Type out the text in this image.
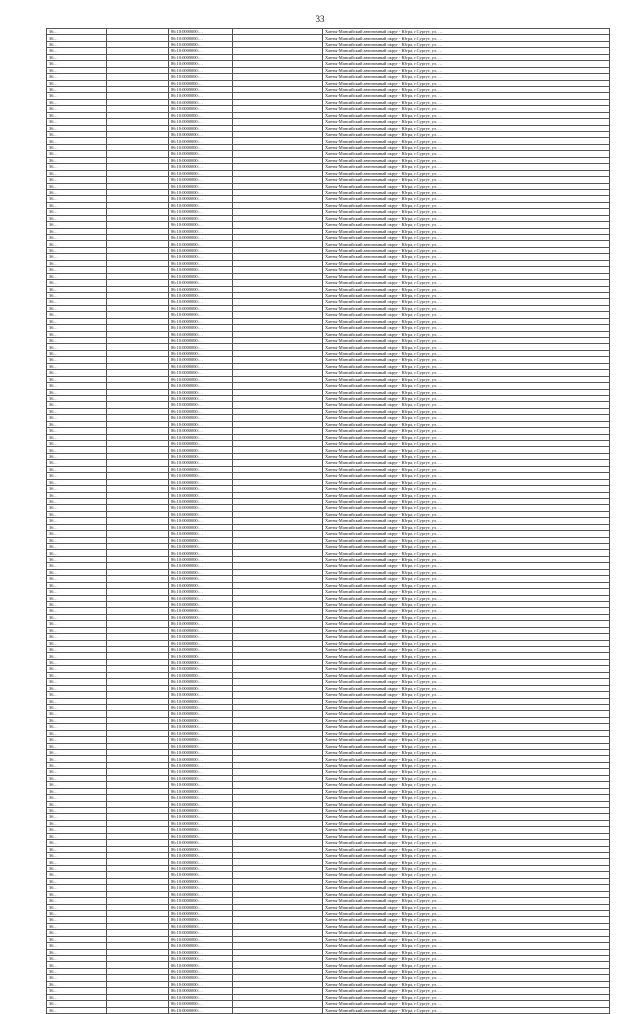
33
36…		86:10:0000000:…		Ханты-Мансийский автономный округ - Югра, г.Сургут, ул. …
36…		86:10:0000000:…		Ханты-Мансийский автономный округ - Югра, г.Сургут, ул. …
36…		86:10:0000000:…		Ханты-Мансийский автономный округ - Югра, г.Сургут, ул. …
36…		86:10:0000000:…		Ханты-Мансийский автономный округ - Югра, г.Сургут, ул. …
36…		86:10:0000000:…		Ханты-Мансийский автономный округ - Югра, г.Сургут, ул. …
36…		86:10:0000000:…		Ханты-Мансийский автономный округ - Югра, г.Сургут, ул. …
36…		86:10:0000000:…		Ханты-Мансийский автономный округ - Югра, г.Сургут, ул. …
36…		86:10:0000000:…		Ханты-Мансийский автономный округ - Югра, г.Сургут, ул. …
36…		86:10:0000000:…		Ханты-Мансийский автономный округ - Югра, г.Сургут, ул. …
36…		86:10:0000000:…		Ханты-Мансийский автономный округ - Югра, г.Сургут, ул. …
36…		86:10:0000000:…		Ханты-Мансийский автономный округ - Югра, г.Сургут, ул. …
36…		86:10:0000000:…		Ханты-Мансийский автономный округ - Югра, г.Сургут, ул. …
36…		86:10:0000000:…		Ханты-Мансийский автономный округ - Югра, г.Сургут, ул. …
36…		86:10:0000000:…		Ханты-Мансийский автономный округ - Югра, г.Сургут, ул. …
36…		86:10:0000000:…		Ханты-Мансийский автономный округ - Югра, г.Сургут, ул. …
36…		86:10:0000000:…		Ханты-Мансийский автономный округ - Югра, г.Сургут, ул. …
36…		86:10:0000000:…		Ханты-Мансийский автономный округ - Югра, г.Сургут, ул. …
36…		86:10:0000000:…		Ханты-Мансийский автономный округ - Югра, г.Сургут, ул. …
36…		86:10:0000000:…		Ханты-Мансийский автономный округ - Югра, г.Сургут, ул. …
36…		86:10:0000000:…		Ханты-Мансийский автономный округ - Югра, г.Сургут, ул. …
36…		86:10:0000000:…		Ханты-Мансийский автономный округ - Югра, г.Сургут, ул. …
36…		86:10:0000000:…		Ханты-Мансийский автономный округ - Югра, г.Сургут, ул. …
36…		86:10:0000000:…		Ханты-Мансийский автономный округ - Югра, г.Сургут, ул. …
36…		86:10:0000000:…		Ханты-Мансийский автономный округ - Югра, г.Сургут, ул. …
36…		86:10:0000000:…		Ханты-Мансийский автономный округ - Югра, г.Сургут, ул. …
36…		86:10:0000000:…		Ханты-Мансийский автономный округ - Югра, г.Сургут, ул. …
36…		86:10:0000000:…		Ханты-Мансийский автономный округ - Югра, г.Сургут, ул. …
36…		86:10:0000000:…		Ханты-Мансийский автономный округ - Югра, г.Сургут, ул. …
36…		86:10:0000000:…		Ханты-Мансийский автономный округ - Югра, г.Сургут, ул. …
36…		86:10:0000000:…		Ханты-Мансийский автономный округ - Югра, г.Сургут, ул. …
36…		86:10:0000000:…		Ханты-Мансийский автономный округ - Югра, г.Сургут, ул. …
36…		86:10:0000000:…		Ханты-Мансийский автономный округ - Югра, г.Сургут, ул. …
36…		86:10:0000000:…		Ханты-Мансийский автономный округ - Югра, г.Сургут, ул. …
36…		86:10:0000000:…		Ханты-Мансийский автономный округ - Югра, г.Сургут, ул. …
36…		86:10:0000000:…		Ханты-Мансийский автономный округ - Югра, г.Сургут, ул. …
36…		86:10:0000000:…		Ханты-Мансийский автономный округ - Югра, г.Сургут, ул. …
36…		86:10:0000000:…		Ханты-Мансийский автономный округ - Югра, г.Сургут, ул. …
36…		86:10:0000000:…		Ханты-Мансийский автономный округ - Югра, г.Сургут, ул. …
36…		86:10:0000000:…		Ханты-Мансийский автономный округ - Югра, г.Сургут, ул. …
36…		86:10:0000000:…		Ханты-Мансийский автономный округ - Югра, г.Сургут, ул. …
36…		86:10:0000000:…		Ханты-Мансийский автономный округ - Югра, г.Сургут, ул. …
36…		86:10:0000000:…		Ханты-Мансийский автономный округ - Югра, г.Сургут, ул. …
36…		86:10:0000000:…		Ханты-Мансийский автономный округ - Югра, г.Сургут, ул. …
36…		86:10:0000000:…		Ханты-Мансийский автономный округ - Югра, г.Сургут, ул. …
36…		86:10:0000000:…		Ханты-Мансийский автономный округ - Югра, г.Сургут, ул. …
36…		86:10:0000000:…		Ханты-Мансийский автономный округ - Югра, г.Сургут, ул. …
36…		86:10:0000000:…		Ханты-Мансийский автономный округ - Югра, г.Сургут, ул. …
36…		86:10:0000000:…		Ханты-Мансийский автономный округ - Югра, г.Сургут, ул. …
36…		86:10:0000000:…		Ханты-Мансийский автономный округ - Югра, г.Сургут, ул. …
36…		86:10:0000000:…		Ханты-Мансийский автономный округ - Югра, г.Сургут, ул. …
36…		86:10:0000000:…		Ханты-Мансийский автономный округ - Югра, г.Сургут, ул. …
36…		86:10:0000000:…		Ханты-Мансийский автономный округ - Югра, г.Сургут, ул. …
36…		86:10:0000000:…		Ханты-Мансийский автономный округ - Югра, г.Сургут, ул. …
36…		86:10:0000000:…		Ханты-Мансийский автономный округ - Югра, г.Сургут, ул. …
36…		86:10:0000000:…		Ханты-Мансийский автономный округ - Югра, г.Сургут, ул. …
36…		86:10:0000000:…		Ханты-Мансийский автономный округ - Югра, г.Сургут, ул. …
36…		86:10:0000000:…		Ханты-Мансийский автономный округ - Югра, г.Сургут, ул. …
36…		86:10:0000000:…		Ханты-Мансийский автономный округ - Югра, г.Сургут, ул. …
36…		86:10:0000000:…		Ханты-Мансийский автономный округ - Югра, г.Сургут, ул. …
36…		86:10:0000000:…		Ханты-Мансийский автономный округ - Югра, г.Сургут, ул. …
36…		86:10:0000000:…		Ханты-Мансийский автономный округ - Югра, г.Сургут, ул. …
36…		86:10:0000000:…		Ханты-Мансийский автономный округ - Югра, г.Сургут, ул. …
36…		86:10:0000000:…		Ханты-Мансийский автономный округ - Югра, г.Сургут, ул. …
36…		86:10:0000000:…		Ханты-Мансийский автономный округ - Югра, г.Сургут, ул. …
36…		86:10:0000000:…		Ханты-Мансийский автономный округ - Югра, г.Сургут, ул. …
36…		86:10:0000000:…		Ханты-Мансийский автономный округ - Югра, г.Сургут, ул. …
36…		86:10:0000000:…		Ханты-Мансийский автономный округ - Югра, г.Сургут, ул. …
36…		86:10:0000000:…		Ханты-Мансийский автономный округ - Югра, г.Сургут, ул. …
36…		86:10:0000000:…		Ханты-Мансийский автономный округ - Югра, г.Сургут, ул. …
36…		86:10:0000000:…		Ханты-Мансийский автономный округ - Югра, г.Сургут, ул. …
36…		86:10:0000000:…		Ханты-Мансийский автономный округ - Югра, г.Сургут, ул. …
36…		86:10:0000000:…		Ханты-Мансийский автономный округ - Югра, г.Сургут, ул. …
36…		86:10:0000000:…		Ханты-Мансийский автономный округ - Югра, г.Сургут, ул. …
36…		86:10:0000000:…		Ханты-Мансийский автономный округ - Югра, г.Сургут, ул. …
36…		86:10:0000000:…		Ханты-Мансийский автономный округ - Югра, г.Сургут, ул. …
36…		86:10:0000000:…		Ханты-Мансийский автономный округ - Югра, г.Сургут, ул. …
36…		86:10:0000000:…		Ханты-Мансийский автономный округ - Югра, г.Сургут, ул. …
36…		86:10:0000000:…		Ханты-Мансийский автономный округ - Югра, г.Сургут, ул. …
36…		86:10:0000000:…		Ханты-Мансийский автономный округ - Югра, г.Сургут, ул. …
36…		86:10:0000000:…		Ханты-Мансийский автономный округ - Югра, г.Сургут, ул. …
36…		86:10:0000000:…		Ханты-Мансийский автономный округ - Югра, г.Сургут, ул. …
36…		86:10:0000000:…		Ханты-Мансийский автономный округ - Югра, г.Сургут, ул. …
36…		86:10:0000000:…		Ханты-Мансийский автономный округ - Югра, г.Сургут, ул. …
36…		86:10:0000000:…		Ханты-Мансийский автономный округ - Югра, г.Сургут, ул. …
36…		86:10:0000000:…		Ханты-Мансийский автономный округ - Югра, г.Сургут, ул. …
36…		86:10:0000000:…		Ханты-Мансийский автономный округ - Югра, г.Сургут, ул. …
36…		86:10:0000000:…		Ханты-Мансийский автономный округ - Югра, г.Сургут, ул. …
36…		86:10:0000000:…		Ханты-Мансийский автономный округ - Югра, г.Сургут, ул. …
36…		86:10:0000000:…		Ханты-Мансийский автономный округ - Югра, г.Сургут, ул. …
36…		86:10:0000000:…		Ханты-Мансийский автономный округ - Югра, г.Сургут, ул. …
36…		86:10:0000000:…		Ханты-Мансийский автономный округ - Югра, г.Сургут, ул. …
36…		86:10:0000000:…		Ханты-Мансийский автономный округ - Югра, г.Сургут, ул. …
36…		86:10:0000000:…		Ханты-Мансийский автономный округ - Югра, г.Сургут, ул. …
36…		86:10:0000000:…		Ханты-Мансийский автономный округ - Югра, г.Сургут, ул. …
36…		86:10:0000000:…		Ханты-Мансийский автономный округ - Югра, г.Сургут, ул. …
36…		86:10:0000000:…		Ханты-Мансийский автономный округ - Югра, г.Сургут, ул. …
36…		86:10:0000000:…		Ханты-Мансийский автономный округ - Югра, г.Сургут, ул. …
36…		86:10:0000000:…		Ханты-Мансийский автономный округ - Югра, г.Сургут, ул. …
36…		86:10:0000000:…		Ханты-Мансийский автономный округ - Югра, г.Сургут, ул. …
36…		86:10:0000000:…		Ханты-Мансийский автономный округ - Югра, г.Сургут, ул. …
36…		86:10:0000000:…		Ханты-Мансийский автономный округ - Югра, г.Сургут, ул. …
36…		86:10:0000000:…		Ханты-Мансийский автономный округ - Югра, г.Сургут, ул. …
36…		86:10:0000000:…		Ханты-Мансийский автономный округ - Югра, г.Сургут, ул. …
36…		86:10:0000000:…		Ханты-Мансийский автономный округ - Югра, г.Сургут, ул. …
36…		86:10:0000000:…		Ханты-Мансийский автономный округ - Югра, г.Сургут, ул. …
36…		86:10:0000000:…		Ханты-Мансийский автономный округ - Югра, г.Сургут, ул. …
36…		86:10:0000000:…		Ханты-Мансийский автономный округ - Югра, г.Сургут, ул. …
36…		86:10:0000000:…		Ханты-Мансийский автономный округ - Югра, г.Сургут, ул. …
36…		86:10:0000000:…		Ханты-Мансийский автономный округ - Югра, г.Сургут, ул. …
36…		86:10:0000000:…		Ханты-Мансийский автономный округ - Югра, г.Сургут, ул. …
36…		86:10:0000000:…		Ханты-Мансийский автономный округ - Югра, г.Сургут, ул. …
36…		86:10:0000000:…		Ханты-Мансийский автономный округ - Югра, г.Сургут, ул. …
36…		86:10:0000000:…		Ханты-Мансийский автономный округ - Югра, г.Сургут, ул. …
36…		86:10:0000000:…		Ханты-Мансийский автономный округ - Югра, г.Сургут, ул. …
36…		86:10:0000000:…		Ханты-Мансийский автономный округ - Югра, г.Сургут, ул. …
36…		86:10:0000000:…		Ханты-Мансийский автономный округ - Югра, г.Сургут, ул. …
36…		86:10:0000000:…		Ханты-Мансийский автономный округ - Югра, г.Сургут, ул. …
36…		86:10:0000000:…		Ханты-Мансийский автономный округ - Югра, г.Сургут, ул. …
36…		86:10:0000000:…		Ханты-Мансийский автономный округ - Югра, г.Сургут, ул. …
36…		86:10:0000000:…		Ханты-Мансийский автономный округ - Югра, г.Сургут, ул. …
36…		86:10:0000000:…		Ханты-Мансийский автономный округ - Югра, г.Сургут, ул. …
36…		86:10:0000000:…		Ханты-Мансийский автономный округ - Югра, г.Сургут, ул. …
36…		86:10:0000000:…		Ханты-Мансийский автономный округ - Югра, г.Сургут, ул. …
36…		86:10:0000000:…		Ханты-Мансийский автономный округ - Югра, г.Сургут, ул. …
36…		86:10:0000000:…		Ханты-Мансийский автономный округ - Югра, г.Сургут, ул. …
36…		86:10:0000000:…		Ханты-Мансийский автономный округ - Югра, г.Сургут, ул. …
36…		86:10:0000000:…		Ханты-Мансийский автономный округ - Югра, г.Сургут, ул. …
36…		86:10:0000000:…		Ханты-Мансийский автономный округ - Югра, г.Сургут, ул. …
36…		86:10:0000000:…		Ханты-Мансийский автономный округ - Югра, г.Сургут, ул. …
36…		86:10:0000000:…		Ханты-Мансийский автономный округ - Югра, г.Сургут, ул. …
36…		86:10:0000000:…		Ханты-Мансийский автономный округ - Югра, г.Сургут, ул. …
36…		86:10:0000000:…		Ханты-Мансийский автономный округ - Югра, г.Сургут, ул. …
36…		86:10:0000000:…		Ханты-Мансийский автономный округ - Югра, г.Сургут, ул. …
36…		86:10:0000000:…		Ханты-Мансийский автономный округ - Югра, г.Сургут, ул. …
36…		86:10:0000000:…		Ханты-Мансийский автономный округ - Югра, г.Сургут, ул. …
36…		86:10:0000000:…		Ханты-Мансийский автономный округ - Югра, г.Сургут, ул. …
36…		86:10:0000000:…		Ханты-Мансийский автономный округ - Югра, г.Сургут, ул. …
36…		86:10:0000000:…		Ханты-Мансийский автономный округ - Югра, г.Сургут, ул. …
36…		86:10:0000000:…		Ханты-Мансийский автономный округ - Югра, г.Сургут, ул. …
36…		86:10:0000000:…		Ханты-Мансийский автономный округ - Югра, г.Сургут, ул. …
36…		86:10:0000000:…		Ханты-Мансийский автономный округ - Югра, г.Сургут, ул. …
36…		86:10:0000000:…		Ханты-Мансийский автономный округ - Югра, г.Сургут, ул. …
36…		86:10:0000000:…		Ханты-Мансийский автономный округ - Югра, г.Сургут, ул. …
36…		86:10:0000000:…		Ханты-Мансийский автономный округ - Югра, г.Сургут, ул. …
36…		86:10:0000000:…		Ханты-Мансийский автономный округ - Югра, г.Сургут, ул. …
36…		86:10:0000000:…		Ханты-Мансийский автономный округ - Югра, г.Сургут, ул. …
36…		86:10:0000000:…		Ханты-Мансийский автономный округ - Югра, г.Сургут, ул. …
36…		86:10:0000000:…		Ханты-Мансийский автономный округ - Югра, г.Сургут, ул. …
36…		86:10:0000000:…		Ханты-Мансийский автономный округ - Югра, г.Сургут, ул. …
36…		86:10:0000000:…		Ханты-Мансийский автономный округ - Югра, г.Сургут, ул. …
36…		86:10:0000000:…		Ханты-Мансийский автономный округ - Югра, г.Сургут, ул. …
36…		86:10:0000000:…		Ханты-Мансийский автономный округ - Югра, г.Сургут, ул. …
36…		86:10:0000000:…		Ханты-Мансийский автономный округ - Югра, г.Сургут, ул. …
